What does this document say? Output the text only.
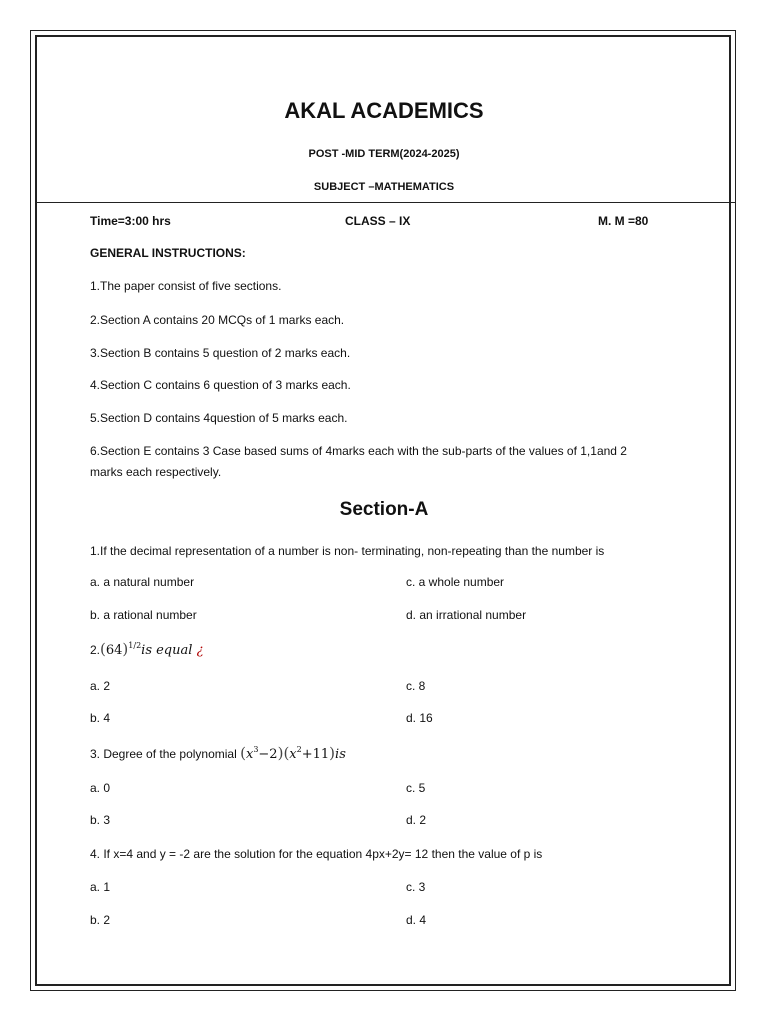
AKAL ACADEMICS
POST -MID TERM(2024-2025)
SUBJECT –MATHEMATICS
Time=3:00 hrs	CLASS – IX	M. M =80
GENERAL INSTRUCTIONS:
1.The paper consist of five sections.
2.Section A contains 20 MCQs of 1 marks each.
3.Section B contains 5 question of 2 marks each.
4.Section C contains 6 question of 3 marks each.
5.Section D contains 4question of 5 marks each.
6.Section E contains 3 Case based sums of 4marks each with the sub-parts of the values of 1,1and 2
marks each respectively.
Section-A
1.If the decimal representation of a number is non- terminating, non-repeating than the number is
a. a natural number	c. a whole number
b. a rational number	d. an irrational number
$2.(64)^{1/2}is$ equal ¿
a. 2	c. 8
b. 4	d. 16
3. Degree of the polynomial $(x^3-2)(x^2+11)is$
a. 0	c. 5
b. 3	d. 2
4. If x=4 and y = -2 are the solution for the equation 4px+2y= 12 then the value of p is
a. 1	c. 3
b. 2	d. 4
